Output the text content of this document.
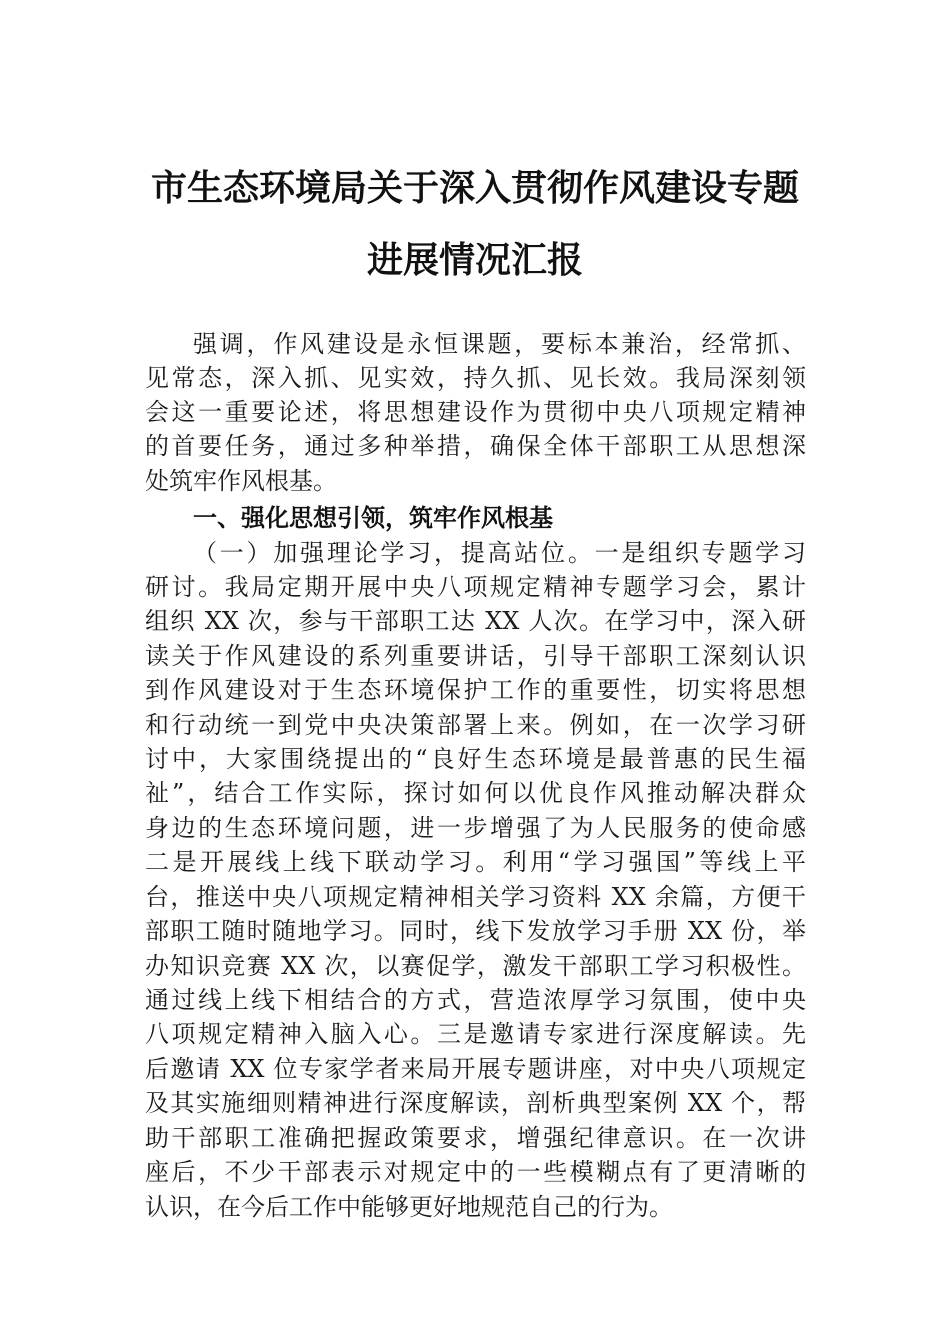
市生态环境局关于深入贯彻作风建设专题
进展情况汇报
强调，作风建设是永恒课题，要标本兼治，经常抓、
见常态，深入抓、见实效，持久抓、见长效。我局深刻领
会这一重要论述，将思想建设作为贯彻中央八项规定精神
的首要任务，通过多种举措，确保全体干部职工从思想深
处筑牢作风根基。
一、强化思想引领，筑牢作风根基
（一）加强理论学习，提高站位。一是组织专题学习
研讨。我局定期开展中央八项规定精神专题学习会，累计
组织 XX 次，参与干部职工达 XX 人次。在学习中，深入研
读关于作风建设的系列重要讲话，引导干部职工深刻认识
到作风建设对于生态环境保护工作的重要性，切实将思想
和行动统一到党中央决策部署上来。例如，在一次学习研
讨中，大家围绕提出的“良好生态环境是最普惠的民生福
祉”，结合工作实际，探讨如何以优良作风推动解决群众
身边的生态环境问题，进一步增强了为人民服务的使命感
二是开展线上线下联动学习。利用“学习强国”等线上平
台，推送中央八项规定精神相关学习资料 XX 余篇，方便干
部职工随时随地学习。同时，线下发放学习手册 XX 份，举
办知识竞赛 XX 次，以赛促学，激发干部职工学习积极性。
通过线上线下相结合的方式，营造浓厚学习氛围，使中央
八项规定精神入脑入心。三是邀请专家进行深度解读。先
后邀请 XX 位专家学者来局开展专题讲座，对中央八项规定
及其实施细则精神进行深度解读，剖析典型案例 XX 个，帮
助干部职工准确把握政策要求，增强纪律意识。在一次讲
座后，不少干部表示对规定中的一些模糊点有了更清晰的
认识，在今后工作中能够更好地规范自己的行为。
